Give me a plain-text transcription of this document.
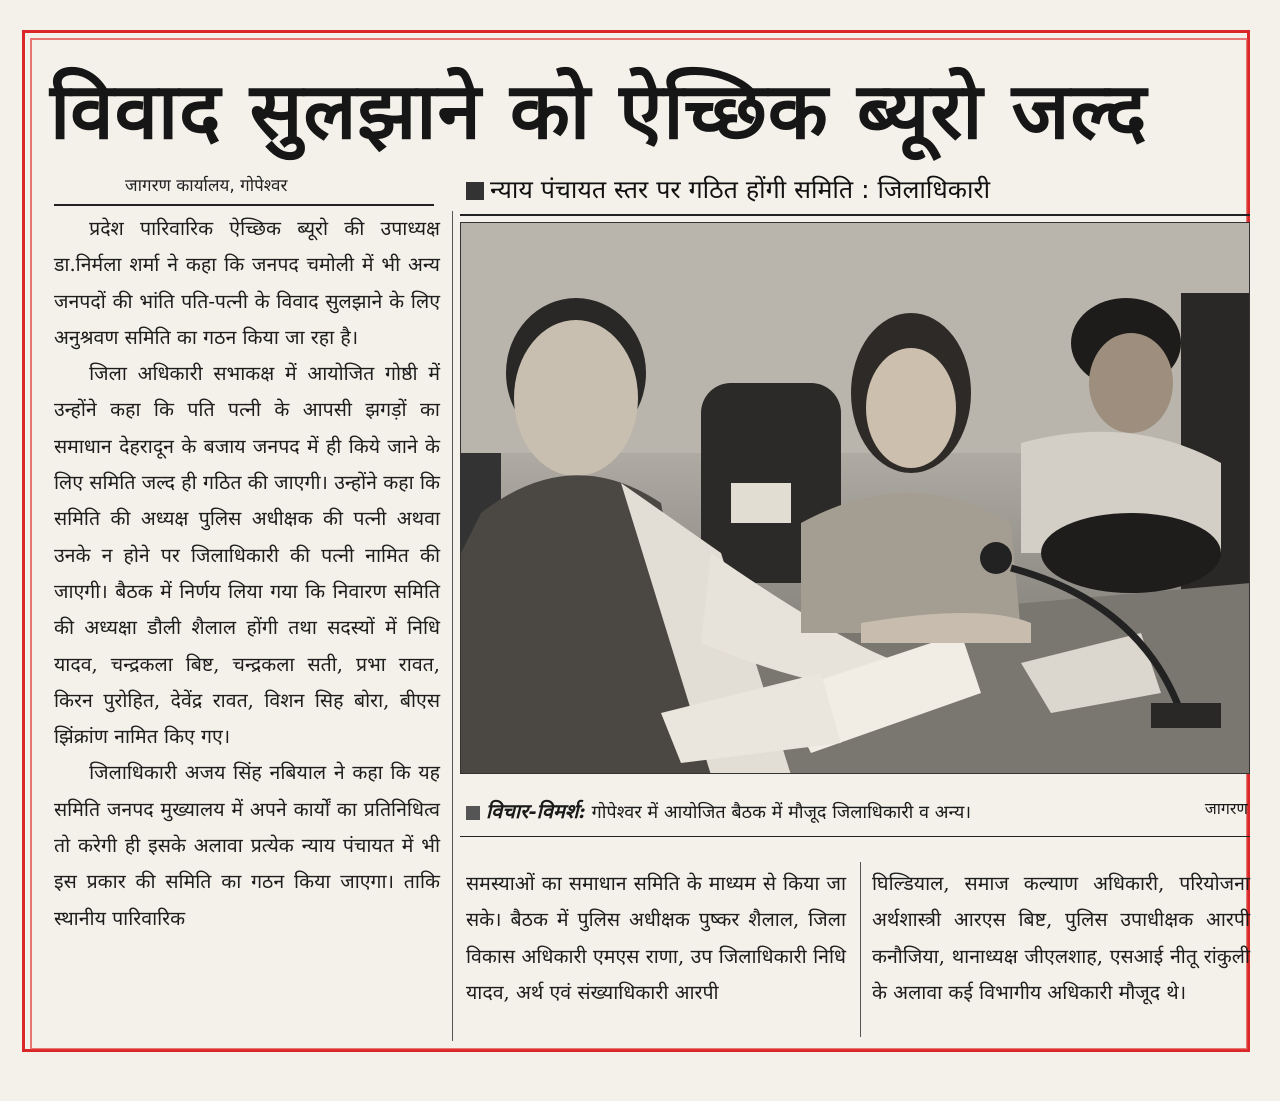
विवाद सुलझाने को ऐच्छिक ब्यूरो जल्द
जागरण कार्यालय, गोपेश्वर	न्याय पंचायत स्तर पर गठित होंगी समिति : जिलाधिकारी

प्रदेश पारिवारिक ऐच्छिक ब्यूरो की उपाध्यक्ष डा.निर्मला शर्मा ने कहा कि जनपद चमोली में भी अन्य जनपदों की भांति पति-पत्नी के विवाद सुलझाने के लिए अनुश्रवण समिति का गठन किया जा रहा है।

जिला अधिकारी सभाकक्ष में आयोजित गोष्ठी में उन्होंने कहा कि पति पत्नी के आपसी झगड़ों का समाधान देहरादून के बजाय जनपद में ही किये जाने के लिए समिति जल्द ही गठित की जाएगी। उन्होंने कहा कि समिति की अध्यक्ष पुलिस अधीक्षक की पत्नी अथवा उनके न होने पर जिलाधिकारी की पत्नी नामित की जाएगी। बैठक में निर्णय लिया गया कि निवारण समिति की अध्यक्षा डौली शैलाल होंगी तथा सदस्यों में निधि यादव, चन्द्रकला बिष्ट, चन्द्रकला सती, प्रभा रावत, किरन पुरोहित, देवेंद्र रावत, विशन सिह बोरा, बीएस झिंक्रांण नामित किए गए।

जिलाधिकारी अजय सिंह नबियाल ने कहा कि यह समिति जनपद मुख्यालय में अपने कार्यों का प्रतिनिधित्व तो करेगी ही इसके अलावा प्रत्येक न्याय पंचायत में भी इस प्रकार की समिति का गठन किया जाएगा। ताकि स्थानीय पारिवारिक

विचार-विमर्श: गोपेश्वर में आयोजित बैठक में मौजूद जिलाधिकारी व अन्य।	जागरण

समस्याओं का समाधान समिति के माध्यम से किया जा सके। बैठक में पुलिस अधीक्षक पुष्कर शैलाल, जिला विकास अधिकारी एमएस राणा, उप जिलाधिकारी निधि यादव, अर्थ एवं संख्याधिकारी आरपी

घिल्डियाल, समाज कल्याण अधिकारी, परियोजना अर्थशास्त्री आरएस बिष्ट, पुलिस उपाधीक्षक आरपी कनौजिया, थानाध्यक्ष जीएलशाह, एसआई नीतू रांकुली के अलावा कई विभागीय अधिकारी मौजूद थे।
